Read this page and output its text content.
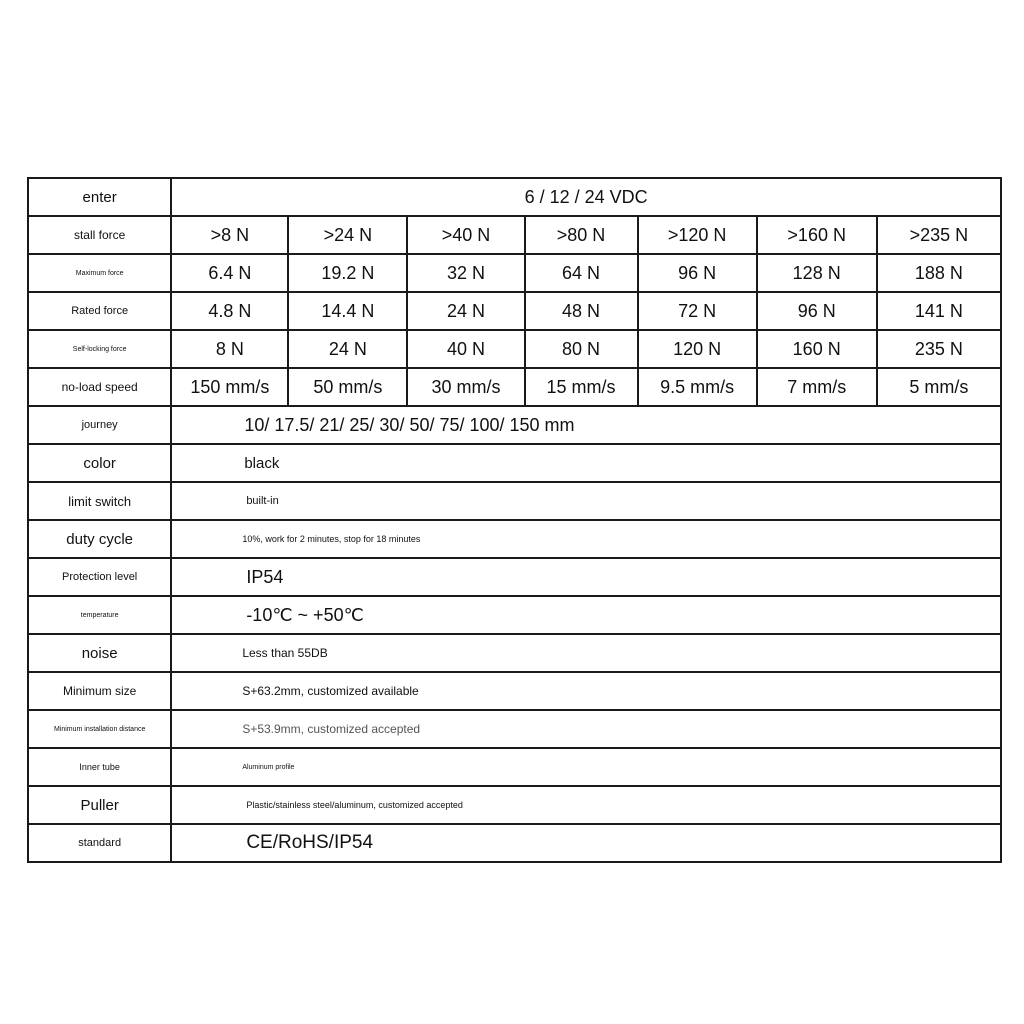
enter	6 / 12 / 24 VDC						
stall force	>8 N	>24 N	>40 N	>80 N	>120 N	>160 N	>235 N
Maximum force	6.4 N	19.2 N	32 N	64 N	96 N	128 N	188 N
Rated force	4.8 N	14.4 N	24 N	48 N	72 N	96 N	141 N
Self-locking force	8 N	24 N	40 N	80 N	120 N	160 N	235 N
no-load speed	150 mm/s	50 mm/s	30 mm/s	15 mm/s	9.5 mm/s	7 mm/s	5 mm/s
journey	10/ 17.5/ 21/ 25/ 30/ 50/ 75/ 100/ 150 mm						
color	black						
limit switch	built-in						
duty cycle	10%, work for 2 minutes, stop for 18 minutes						
Protection level	IP54						
temperature	-10℃ ~ +50℃						
noise	Less than 55DB						
Minimum size	S+63.2mm, customized available						
Minimum installation distance	S+53.9mm, customized accepted						
Inner tube	Aluminum profile						
Puller	Plastic/stainless steel/aluminum, customized accepted						
standard	CE/RoHS/IP54						
